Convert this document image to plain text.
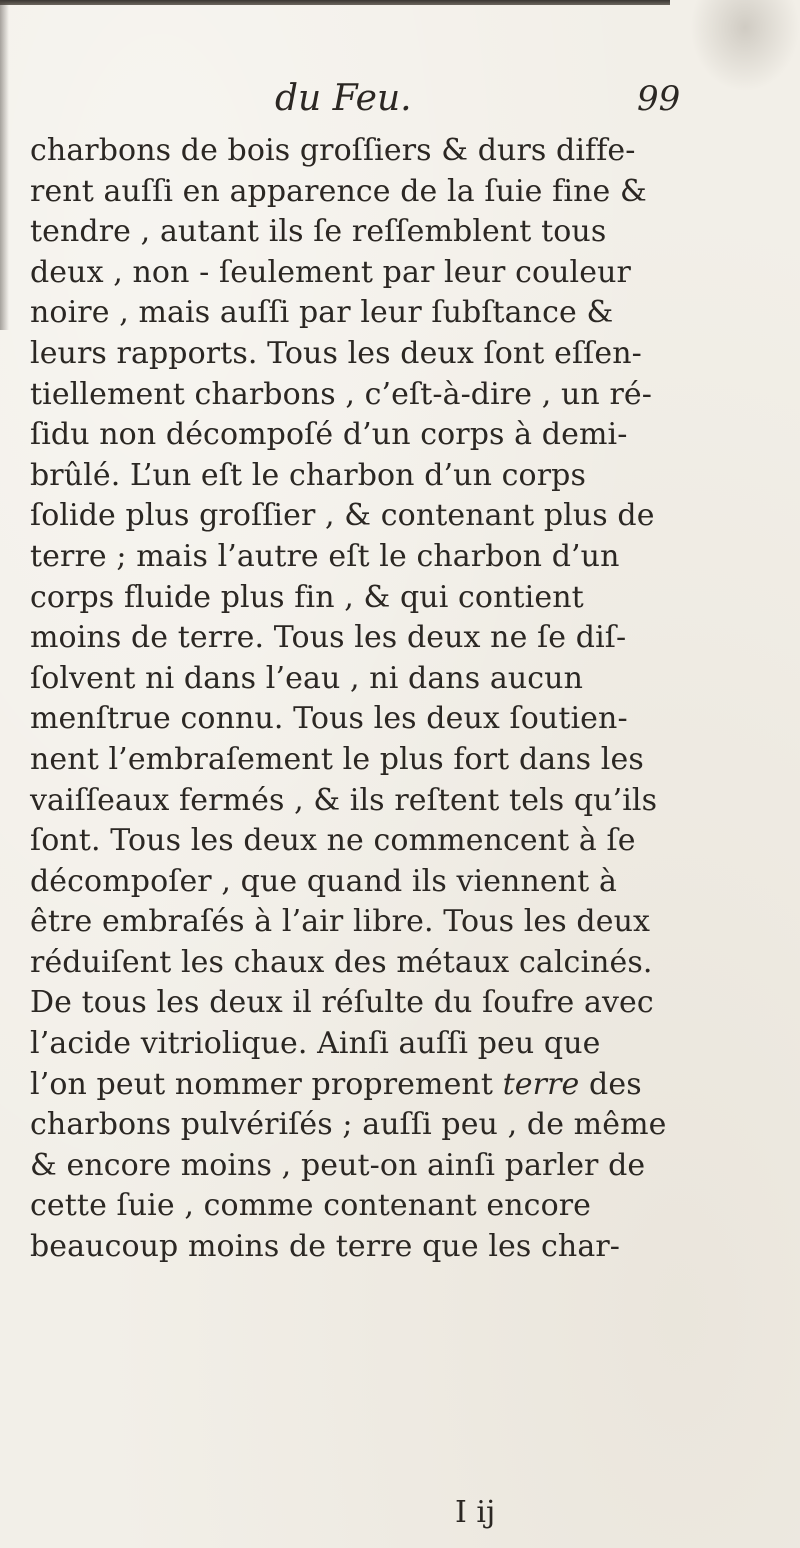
du Feu.	99
charbons de bois groſſiers & durs diffe-
rent auſſi en apparence de la ſuie fine &
tendre , autant ils ſe reſſemblent tous
deux , non - ſeulement par leur couleur
noire , mais auſſi par leur ſubſtance &
leurs rapports. Tous les deux ſont eſſen-
tiellement charbons , c’eſt-à-dire , un ré-
ſidu non décompoſé d’un corps à demi-
brûlé. L’un eſt le charbon d’un corps
ſolide plus groſſier , & contenant plus de
terre ; mais l’autre eſt le charbon d’un
corps fluide plus fin , & qui contient
moins de terre. Tous les deux ne ſe diſ-
ſolvent ni dans l’eau , ni dans aucun
menſtrue connu. Tous les deux ſoutien-
nent l’embraſement le plus fort dans les
vaiſſeaux fermés , & ils reſtent tels qu’ils
ſont. Tous les deux ne commencent à ſe
décompoſer , que quand ils viennent à
être embraſés à l’air libre. Tous les deux
réduiſent les chaux des métaux calcinés.
De tous les deux il réſulte du ſoufre avec
l’acide vitriolique. Ainſi auſſi peu que
l’on peut nommer proprement terre des
charbons pulvériſés ; auſſi peu , de même
& encore moins , peut-on ainſi parler de
cette ſuie , comme contenant encore
beaucoup moins de terre que les char-
I ij
